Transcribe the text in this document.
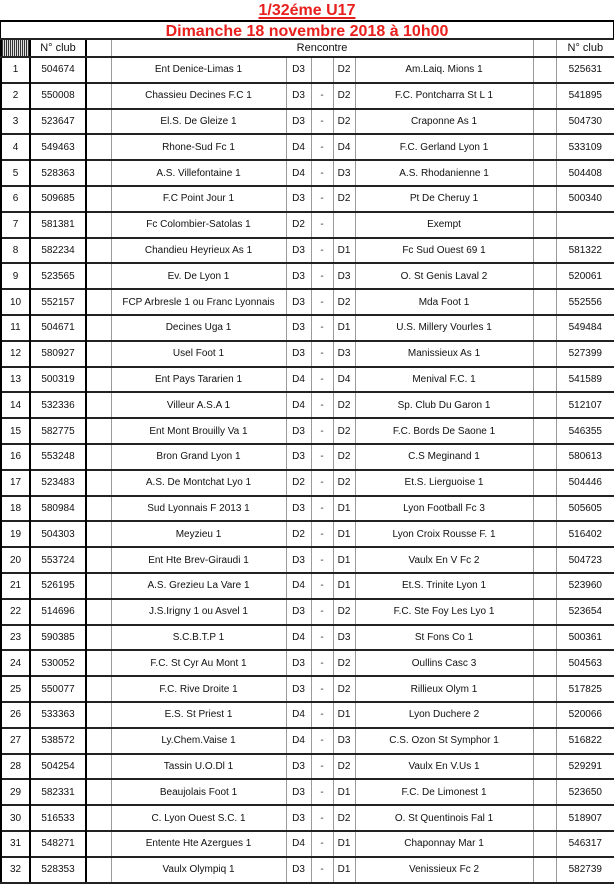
1/32éme U17
Dimanche 18 novembre 2018 à 10h00
	N° club		Rencontre						N° club
1	504674		Ent Denice-Limas 1	D3		D2	Am.Laiq. Mions 1		525631
2	550008		Chassieu Decines F.C 1	D3	-	D2	F.C. Pontcharra St L 1		541895
3	523647		El.S. De Gleize 1	D3	-	D2	Craponne As 1		504730
4	549463		Rhone-Sud Fc 1	D4	-	D4	F.C. Gerland Lyon 1		533109
5	528363		A.S. Villefontaine 1	D4	-	D3	A.S. Rhodanienne 1		504408
6	509685		F.C Point Jour 1	D3	-	D2	Pt De Cheruy 1		500340
7	581381		Fc Colombier-Satolas 1	D2	-		Exempt		
8	582234		Chandieu Heyrieux As 1	D3	-	D1	Fc Sud Ouest 69 1		581322
9	523565		Ev. De Lyon 1	D3	-	D3	O. St Genis Laval 2		520061
10	552157		FCP Arbresle 1 ou Franc Lyonnais	D3	-	D2	Mda Foot 1		552556
11	504671		Decines Uga 1	D3	-	D1	U.S. Millery Vourles 1		549484
12	580927		Usel Foot 1	D3	-	D3	Manissieux As 1		527399
13	500319		Ent Pays Tararien 1	D4	-	D4	Menival F.C. 1		541589
14	532336		Villeur A.S.A 1	D4	-	D2	Sp. Club Du Garon 1		512107
15	582775		Ent Mont Brouilly Va 1	D3	-	D2	F.C. Bords De Saone 1		546355
16	553248		Bron Grand Lyon 1	D3	-	D2	C.S Meginand 1		580613
17	523483		A.S. De Montchat Lyo 1	D2	-	D2	Et.S. Lierguoise 1		504446
18	580984		Sud Lyonnais F 2013 1	D3	-	D1	Lyon Football Fc 3		505605
19	504303		Meyzieu 1	D2	-	D1	Lyon Croix Rousse F. 1		516402
20	553724		Ent Hte Brev-Giraudi 1	D3	-	D1	Vaulx En V Fc 2		504723
21	526195		A.S. Grezieu La Vare 1	D4	-	D1	Et.S. Trinite Lyon 1		523960
22	514696		J.S.Irigny 1 ou Asvel 1	D3	-	D2	F.C. Ste Foy Les Lyo 1		523654
23	590385		S.C.B.T.P 1	D4	-	D3	St Fons Co 1		500361
24	530052		F.C. St Cyr Au Mont 1	D3	-	D2	Oullins Casc 3		504563
25	550077		F.C. Rive Droite 1	D3	-	D2	Rillieux Olym 1		517825
26	533363		E.S. St Priest 1	D4	-	D1	Lyon Duchere 2		520066
27	538572		Ly.Chem.Vaise 1	D4	-	D3	C.S. Ozon St Symphor 1		516822
28	504254		Tassin U.O.Dl 1	D3	-	D2	Vaulx En V.Us 1		529291
29	582331		Beaujolais Foot 1	D3	-	D1	F.C. De Limonest 1		523650
30	516533		C. Lyon Ouest S.C. 1	D3	-	D2	O. St Quentinois Fal 1		518907
31	548271		Entente Hte Azergues 1	D4	-	D1	Chaponnay Mar 1		546317
32	528353		Vaulx Olympiq 1	D3	-	D1	Venissieux Fc 2		582739
